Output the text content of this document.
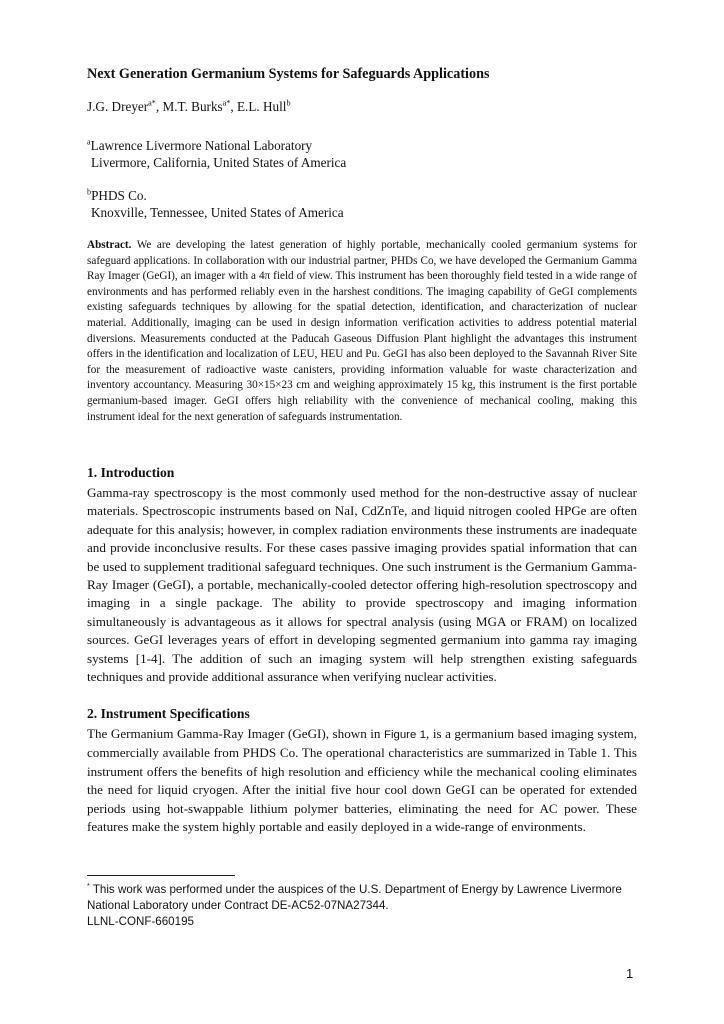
Next Generation Germanium Systems for Safeguards Applications
J.G. Dreyer$^{a*}$, M.T. Burks$^{a*}$, E.L. Hull$^b$
$^a$Lawrence Livermore National Laboratory
Livermore, California, United States of America
$^b$PHDS Co.
Knoxville, Tennessee, United States of America
Abstract. We are developing the latest generation of highly portable, mechanically cooled germanium systems for safeguard applications. In collaboration with our industrial partner, PHDs Co, we have developed the Germanium Gamma Ray Imager (GeGI), an imager with a 4π field of view. This instrument has been thoroughly field tested in a wide range of environments and has performed reliably even in the harshest conditions. The imaging capability of GeGI complements existing safeguards techniques by allowing for the spatial detection, identification, and characterization of nuclear material. Additionally, imaging can be used in design information verification activities to address potential material diversions. Measurements conducted at the Paducah Gaseous Diffusion Plant highlight the advantages this instrument offers in the identification and localization of LEU, HEU and Pu. GeGI has also been deployed to the Savannah River Site for the measurement of radioactive waste canisters, providing information valuable for waste characterization and inventory accountancy. Measuring 30×15×23 cm and weighing approximately 15 kg, this instrument is the first portable germanium-based imager. GeGI offers high reliability with the convenience of mechanical cooling, making this instrument ideal for the next generation of safeguards instrumentation.
1. Introduction
Gamma-ray spectroscopy is the most commonly used method for the non-destructive assay of nuclear materials. Spectroscopic instruments based on NaI, CdZnTe, and liquid nitrogen cooled HPGe are often adequate for this analysis; however, in complex radiation environments these instruments are inadequate and provide inconclusive results. For these cases passive imaging provides spatial information that can be used to supplement traditional safeguard techniques. One such instrument is the Germanium Gamma-Ray Imager (GeGI), a portable, mechanically-cooled detector offering high-resolution spectroscopy and imaging in a single package. The ability to provide spectroscopy and imaging information simultaneously is advantageous as it allows for spectral analysis (using MGA or FRAM) on localized sources. GeGI leverages years of effort in developing segmented germanium into gamma ray imaging systems [1-4]. The addition of such an imaging system will help strengthen existing safeguards techniques and provide additional assurance when verifying nuclear activities.
2. Instrument Specifications
The Germanium Gamma-Ray Imager (GeGI), shown in Figure 1, is a germanium based imaging system, commercially available from PHDS Co. The operational characteristics are summarized in Table 1. This instrument offers the benefits of high resolution and efficiency while the mechanical cooling eliminates the need for liquid cryogen. After the initial five hour cool down GeGI can be operated for extended periods using hot-swappable lithium polymer batteries, eliminating the need for AC power. These features make the system highly portable and easily deployed in a wide-range of environments.
* This work was performed under the auspices of the U.S. Department of Energy by Lawrence Livermore National Laboratory under Contract DE-AC52-07NA27344.
LLNL-CONF-660195
1
